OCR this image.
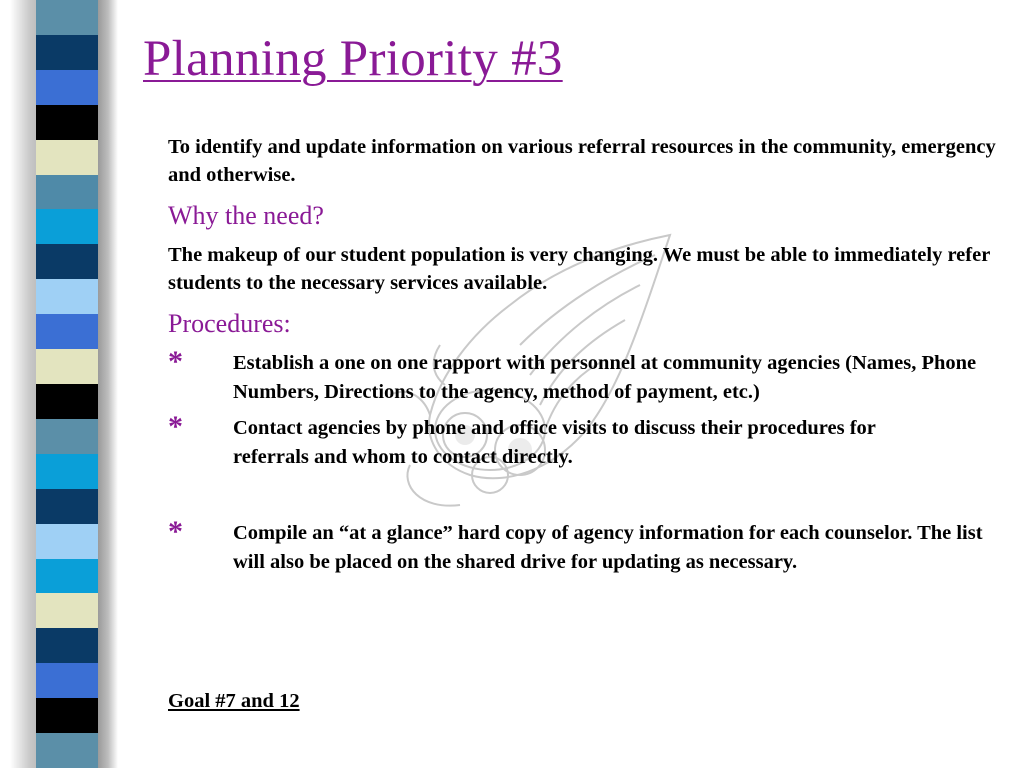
Planning Priority #3

To identify and update information on various referral resources in the community, emergency and otherwise.

Why the need?

The makeup of our student population is very changing. We must be able to immediately refer students to the necessary services available.

Procedures:

* Establish a one on one rapport with personnel at community agencies (Names, Phone Numbers, Directions to the agency, method of payment, etc.)

* Contact agencies by phone and office visits to discuss their procedures for referrals and whom to contact directly.

* Compile an “at a glance” hard copy of agency information for each counselor. The list will also be placed on the shared drive for updating as necessary.

Goal #7 and 12
